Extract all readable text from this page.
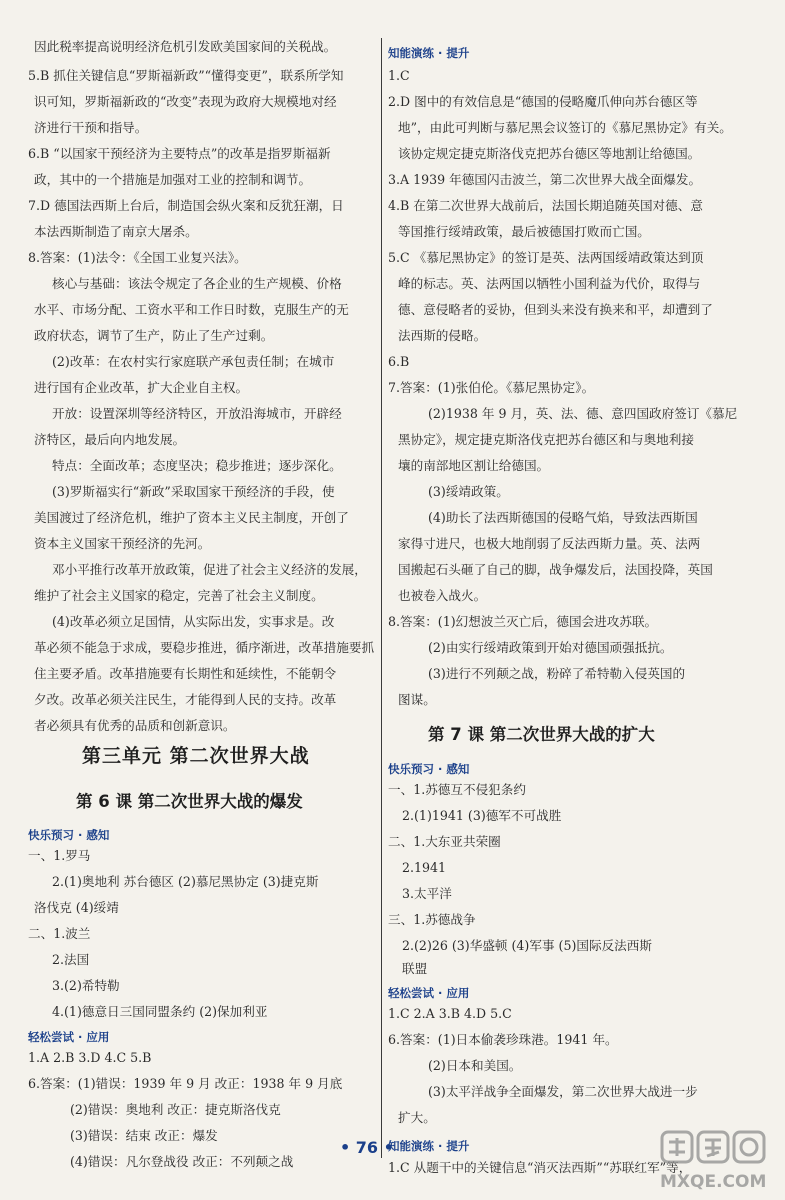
因此税率提高说明经济危机引发欧美国家间的关税战。
5.B 抓住关键信息“罗斯福新政”“懂得变更”，联系所学知
识可知，罗斯福新政的“改变”表现为政府大规模地对经
济进行干预和指导。
6.B “以国家干预经济为主要特点”的改革是指罗斯福新
政，其中的一个措施是加强对工业的控制和调节。
7.D 德国法西斯上台后，制造国会纵火案和反犹狂潮，日
本法西斯制造了南京大屠杀。
8.答案：(1)法令：《全国工业复兴法》。
核心与基础：该法令规定了各企业的生产规模、价格
水平、市场分配、工资水平和工作日时数，克服生产的无
政府状态，调节了生产，防止了生产过剩。
(2)改革：在农村实行家庭联产承包责任制；在城市
进行国有企业改革，扩大企业自主权。
开放：设置深圳等经济特区，开放沿海城市，开辟经
济特区，最后向内地发展。
特点：全面改革；态度坚决；稳步推进；逐步深化。
(3)罗斯福实行“新政”采取国家干预经济的手段，使
美国渡过了经济危机，维护了资本主义民主制度，开创了
资本主义国家干预经济的先河。
邓小平推行改革开放政策，促进了社会主义经济的发展，
维护了社会主义国家的稳定，完善了社会主义制度。
(4)改革必须立足国情，从实际出发，实事求是。改
革必须不能急于求成，要稳步推进，循序渐进，改革措施要抓
住主要矛盾。改革措施要有长期性和延续性，不能朝令
夕改。改革必须关注民生，才能得到人民的支持。改革
者必须具有优秀的品质和创新意识。
第三单元 第二次世界大战
第 6 课 第二次世界大战的爆发
快乐预习 · 感知
一、1.罗马
2.(1)奥地利 苏台德区 (2)慕尼黑协定 (3)捷克斯
洛伐克 (4)绥靖
二、1.波兰
2.法国
3.(2)希特勒
4.(1)德意日三国同盟条约 (2)保加利亚
轻松尝试 · 应用
1.A 2.B 3.D 4.C 5.B
6.答案：(1)错误：1939 年 9 月 改正：1938 年 9 月底
(2)错误：奥地利 改正：捷克斯洛伐克
(3)错误：结束 改正：爆发
(4)错误：凡尔登战役 改正：不列颠之战
知能演练 · 提升
1.C
2.D 图中的有效信息是“德国的侵略魔爪伸向苏台德区等
地”，由此可判断与慕尼黑会议签订的《慕尼黑协定》有关。
该协定规定捷克斯洛伐克把苏台德区等地割让给德国。
3.A 1939 年德国闪击波兰，第二次世界大战全面爆发。
4.B 在第二次世界大战前后，法国长期追随英国对德、意
等国推行绥靖政策，最后被德国打败而亡国。
5.C 《慕尼黑协定》的签订是英、法两国绥靖政策达到顶
峰的标志。英、法两国以牺牲小国利益为代价，取得与
德、意侵略者的妥协，但到头来没有换来和平，却遭到了
法西斯的侵略。
6.B
7.答案：(1)张伯伦。《慕尼黑协定》。
(2)1938 年 9 月，英、法、德、意四国政府签订《慕尼
黑协定》，规定捷克斯洛伐克把苏台德区和与奥地利接
壤的南部地区割让给德国。
(3)绥靖政策。
(4)助长了法西斯德国的侵略气焰，导致法西斯国
家得寸进尺，也极大地削弱了反法西斯力量。英、法两
国搬起石头砸了自己的脚，战争爆发后，法国投降，英国
也被卷入战火。
8.答案：(1)幻想波兰灭亡后，德国会进攻苏联。
(2)由实行绥靖政策到开始对德国顽强抵抗。
(3)进行不列颠之战，粉碎了希特勒入侵英国的
图谋。
第 7 课 第二次世界大战的扩大
快乐预习 · 感知
一、1.苏德互不侵犯条约
2.(1)1941 (3)德军不可战胜
二、1.大东亚共荣圈
2.1941
3.太平洋
三、1.苏德战争
2.(2)26 (3)华盛顿 (4)军事 (5)国际反法西斯
联盟
轻松尝试 · 应用
1.C 2.A 3.B 4.D 5.C
6.答案：(1)日本偷袭珍珠港。1941 年。
(2)日本和美国。
(3)太平洋战争全面爆发，第二次世界大战进一步
扩大。
知能演练 · 提升
1.C 从题干中的关键信息“消灭法西斯”“苏联红军”等，
• 76 •
MXQE.COM
